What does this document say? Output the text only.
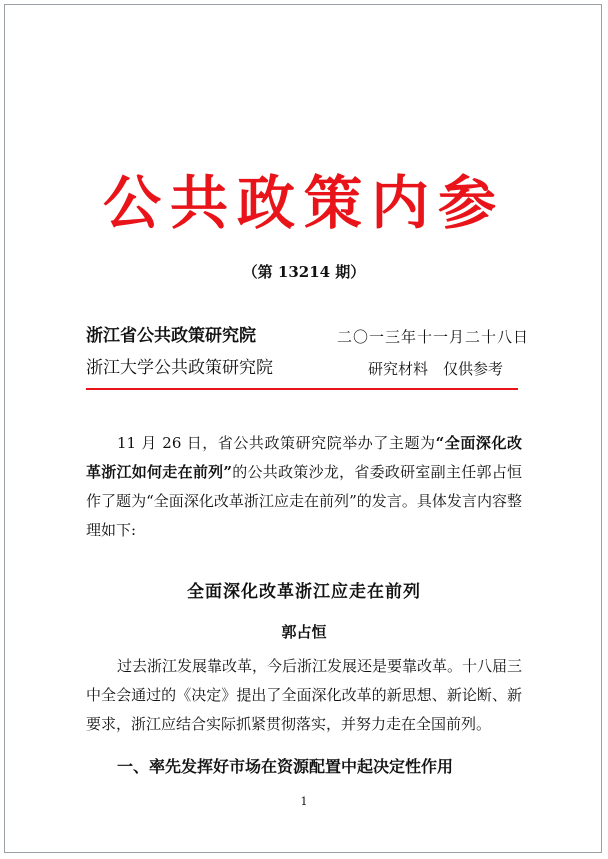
公共政策内参
（第 13214 期）
浙江省公共政策研究院	二〇一三年十一月二十八日
浙江大学公共政策研究院	研究材料　仅供参考

11 月 26 日，省公共政策研究院举办了主题为“全面深化改革浙江如何走在前列”的公共政策沙龙，省委政研室副主任郭占恒作了题为“全面深化改革浙江应走在前列”的发言。具体发言内容整理如下:

全面深化改革浙江应走在前列
郭占恒

过去浙江发展靠改革，今后浙江发展还是要靠改革。十八届三中全会通过的《决定》提出了全面深化改革的新思想、新论断、新要求，浙江应结合实际抓紧贯彻落实，并努力走在全国前列。

一、率先发挥好市场在资源配置中起决定性作用
1
